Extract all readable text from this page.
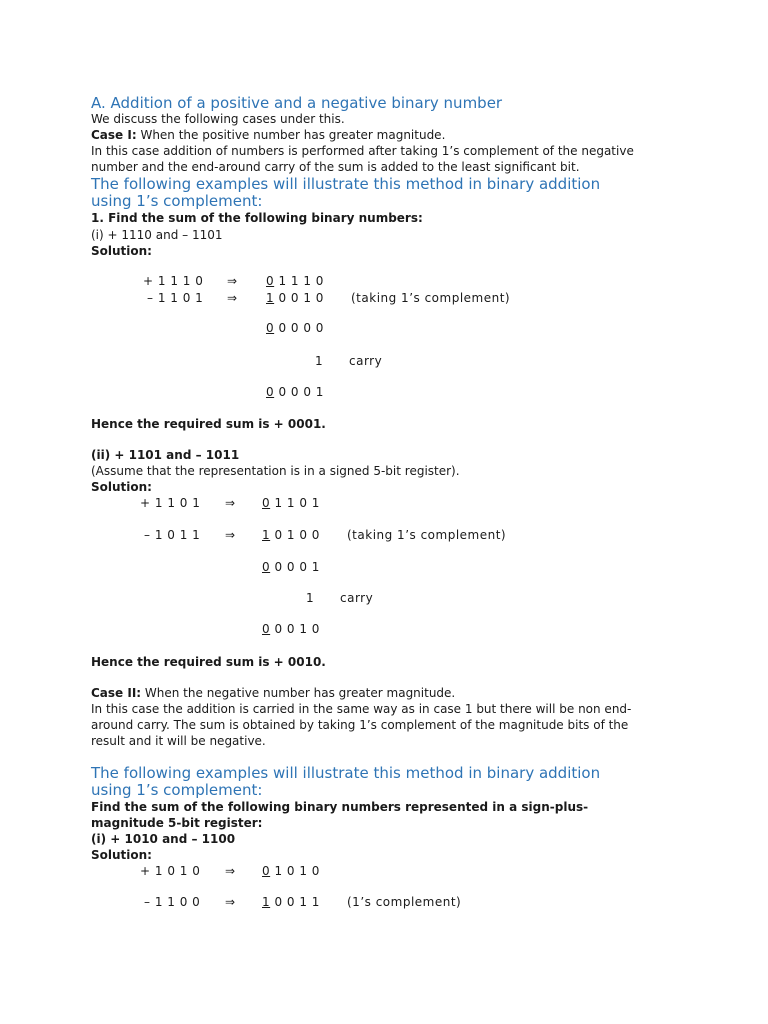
A. Addition of a positive and a negative binary number
We discuss the following cases under this.
Case I: When the positive number has greater magnitude.
In this case addition of numbers is performed after taking 1’s complement of the negative
number and the end-around carry of the sum is added to the least significant bit.
The following examples will illustrate this method in binary addition
using 1’s complement:
1. Find the sum of the following binary numbers:
(i) + 1110 and – 1101
Solution:
+ 1 1 1 0 ⇒ 0 1 1 1 0
– 1 1 0 1 ⇒ 1 0 0 1 0 (taking 1’s complement)
0 0 0 0 0
1 carry
0 0 0 0 1
Hence the required sum is + 0001.
(ii) + 1101 and – 1011
(Assume that the representation is in a signed 5-bit register).
Solution:
+ 1 1 0 1 ⇒ 0 1 1 0 1
– 1 0 1 1 ⇒ 1 0 1 0 0 (taking 1’s complement)
0 0 0 0 1
1 carry
0 0 0 1 0
Hence the required sum is + 0010.
Case II: When the negative number has greater magnitude.
In this case the addition is carried in the same way as in case 1 but there will be non end-
around carry. The sum is obtained by taking 1’s complement of the magnitude bits of the
result and it will be negative.
The following examples will illustrate this method in binary addition
using 1’s complement:
Find the sum of the following binary numbers represented in a sign-plus-
magnitude 5-bit register:
(i) + 1010 and – 1100
Solution:
+ 1 0 1 0 ⇒ 0 1 0 1 0
– 1 1 0 0 ⇒ 1 0 0 1 1 (1’s complement)
